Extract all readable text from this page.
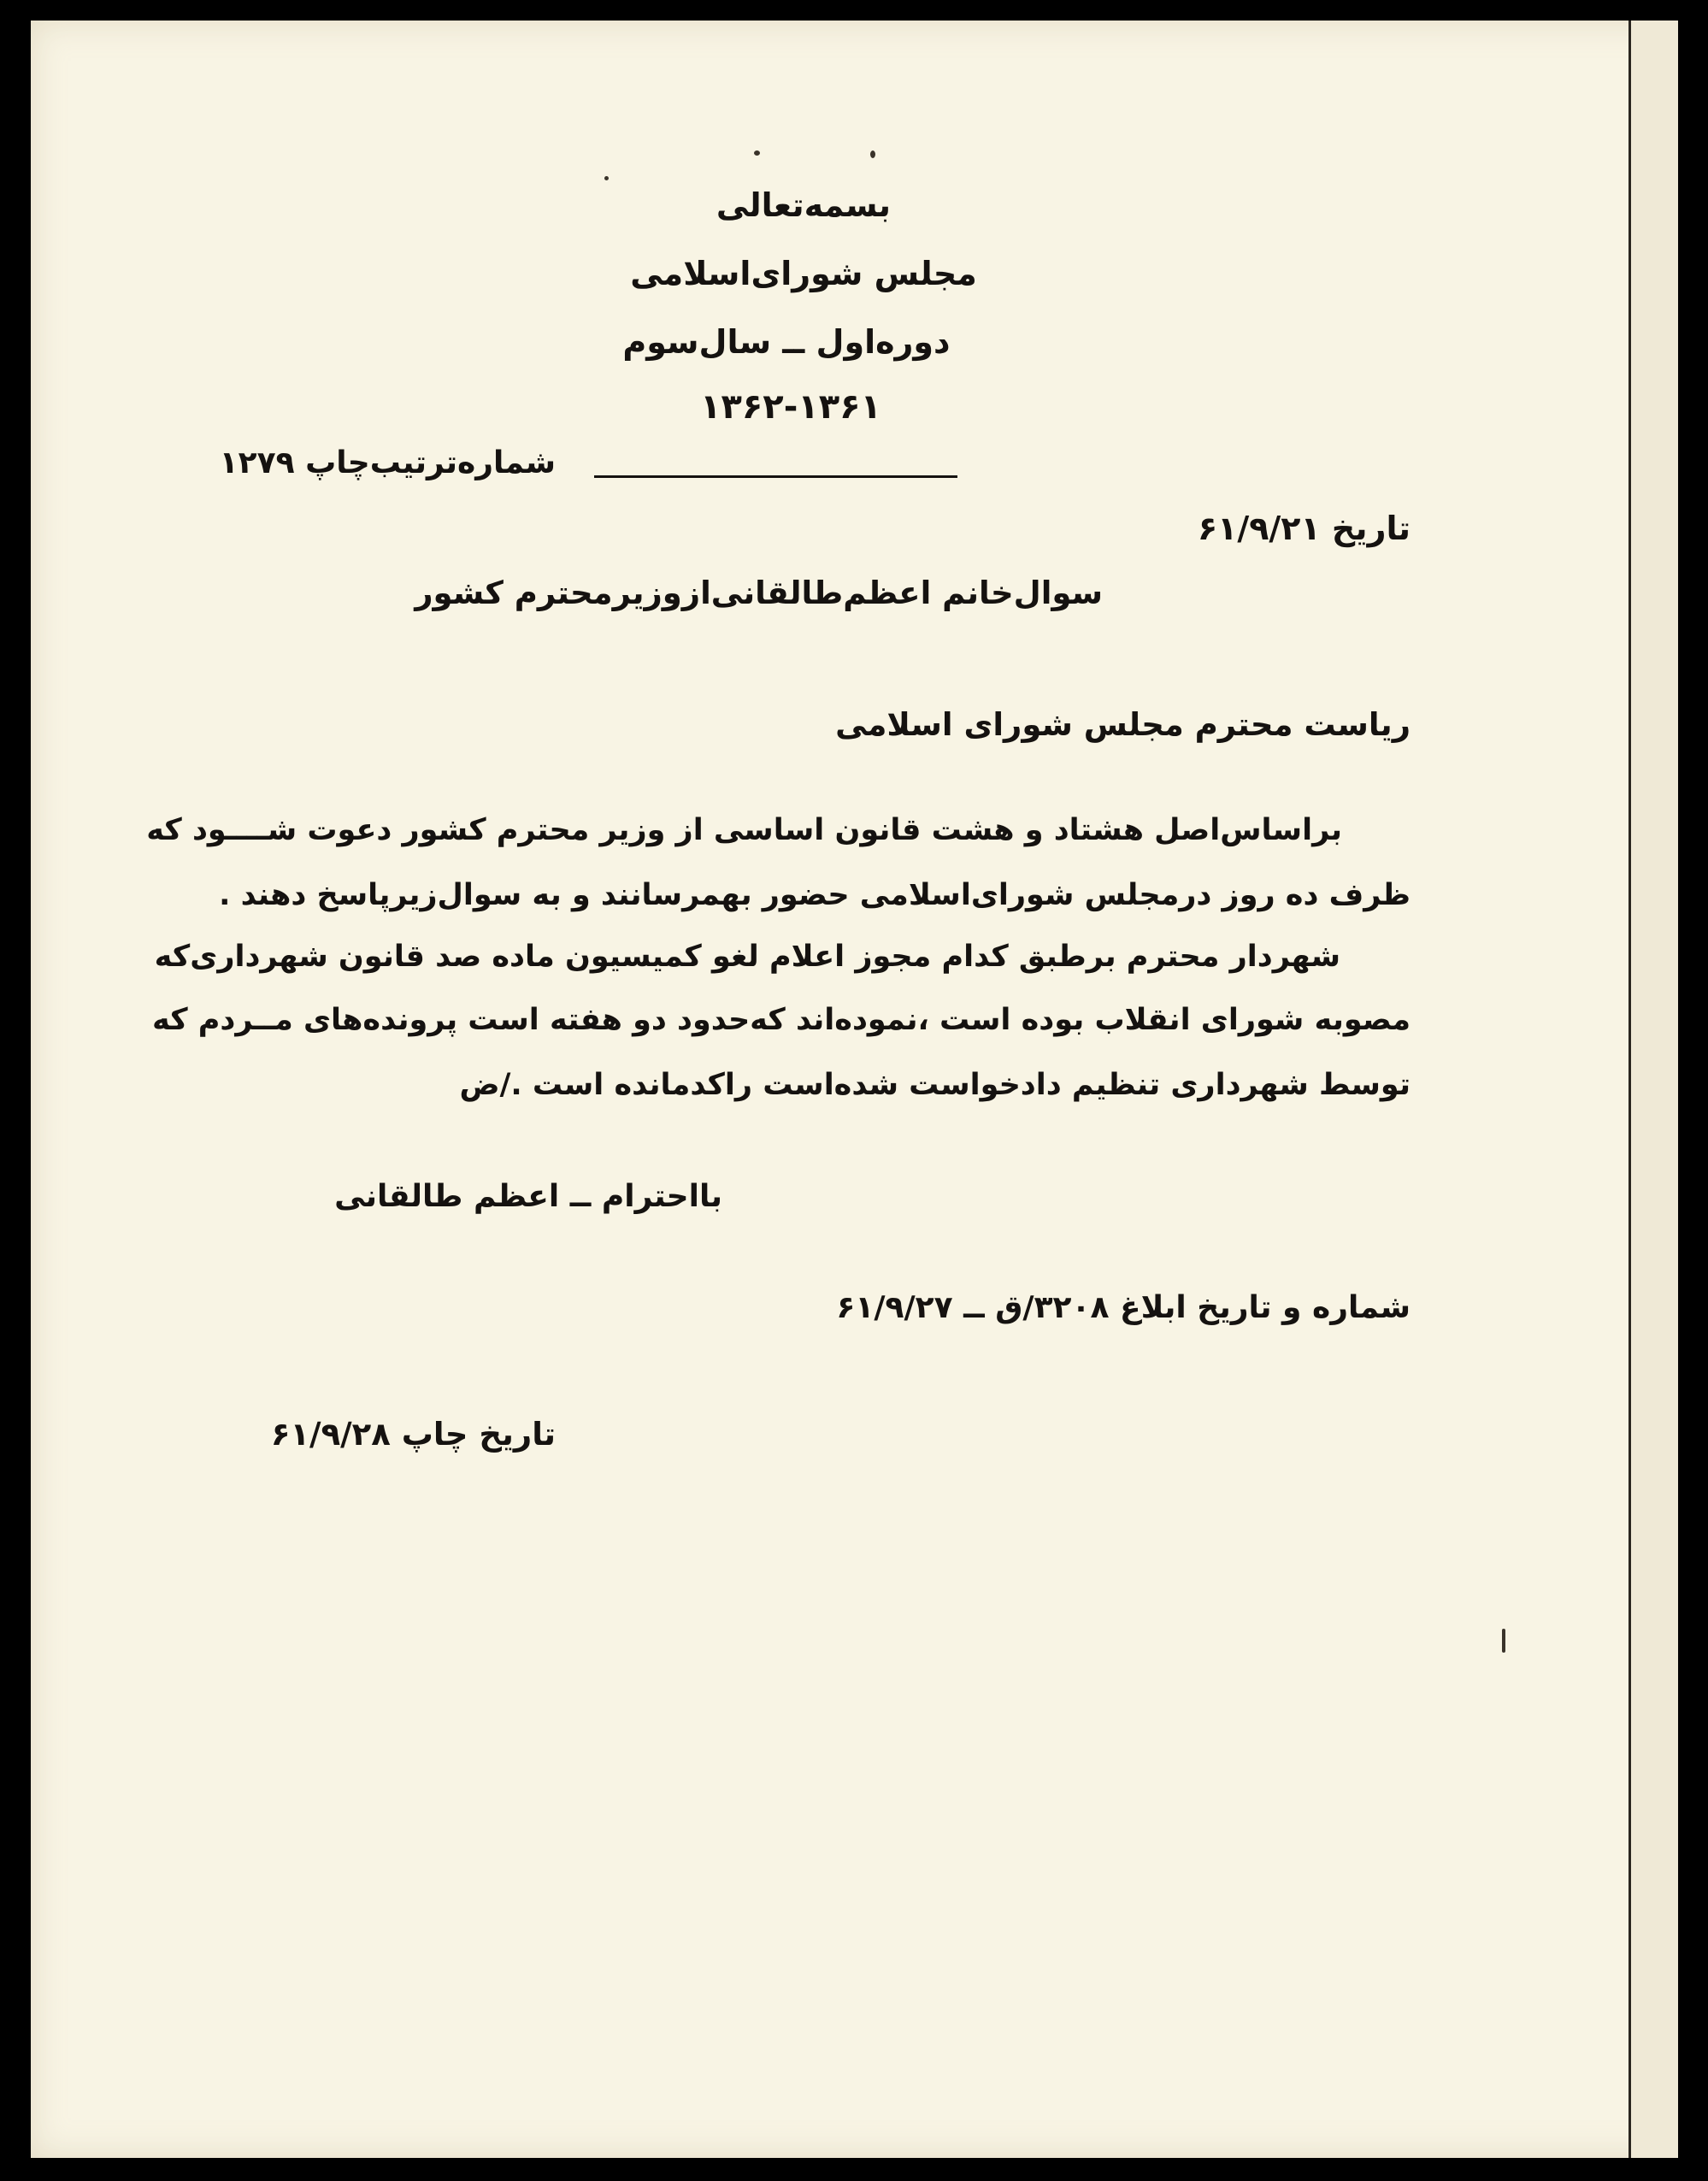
بسمه‌تعالی
مجلس شورای‌اسلامی
دوره‌اول ــ سال‌سوم
۱۳۶۲-۱۳۶۱
شماره‌ترتیب‌چاپ ۱۲۷۹
تاریخ ۶۱/۹/۲۱
سوال‌خانم اعظم‌طالقانی‌ازوزیرمحترم کشور
ریاست محترم مجلس شورای اسلامی
براساس‌اصل هشتاد و هشت قانون اساسی از وزیر محترم کشور دعوت شــــود که
ظرف ده روز درمجلس شورای‌اسلامی حضور بهمرسانند و به سوال‌زیرپاسخ دهند .
شهردار محترم برطبق کدام مجوز اعلام لغو کمیسیون ماده صد قانون شهرداری‌که
مصوبه شورای انقلاب بوده است ،نموده‌اند که‌حدود دو هفته است پرونده‌های مــردم که
توسط شهرداری تنظیم دادخواست شده‌است راکدمانده است ./ض
بااحترام ــ اعظم طالقانی
شماره و تاریخ ابلاغ ۳۲۰۸/ق ــ ۶۱/۹/۲۷
تاریخ چاپ ۶۱/۹/۲۸
